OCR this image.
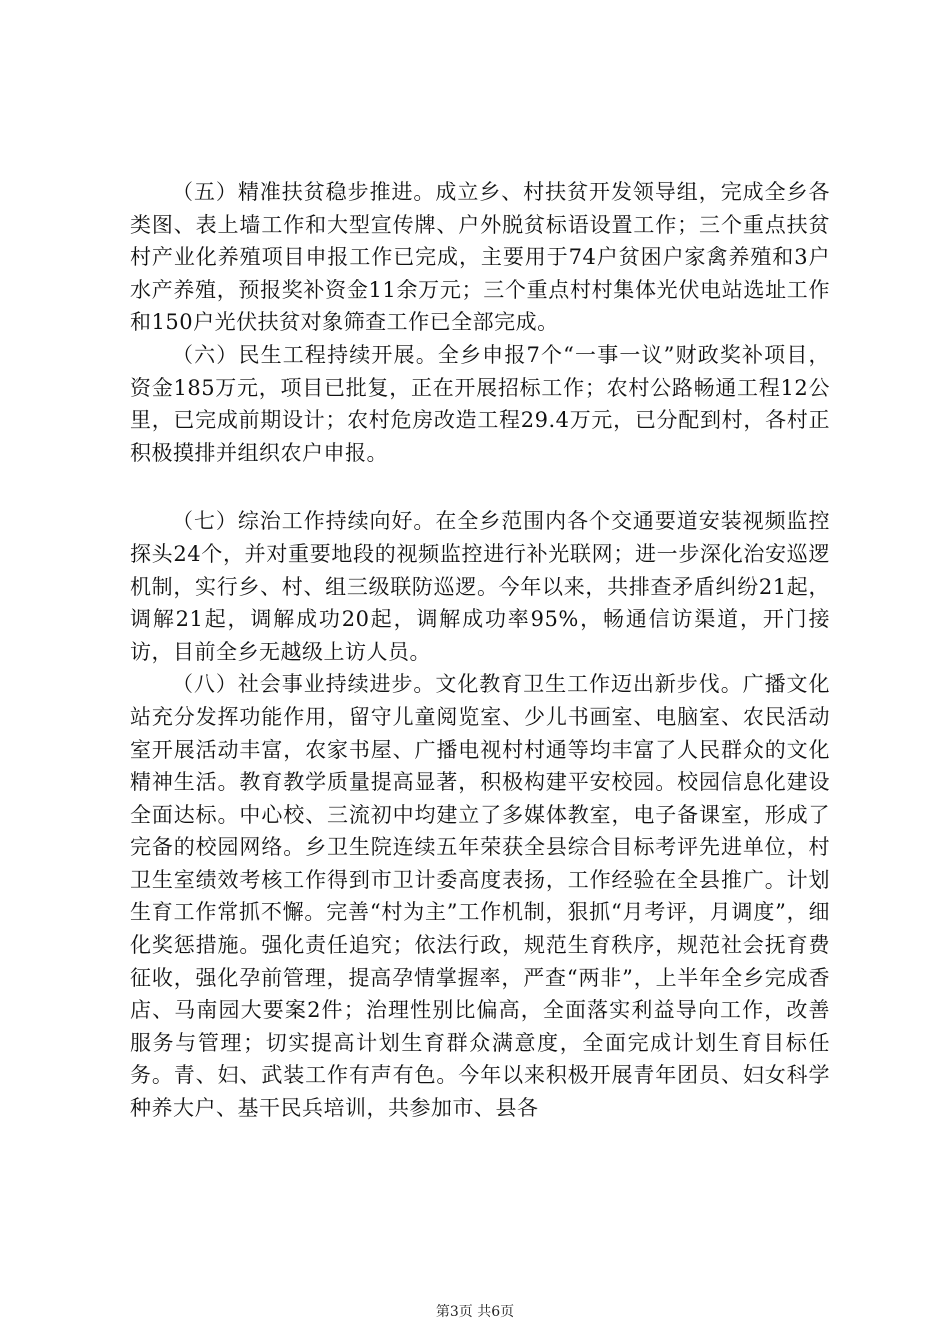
（五）精准扶贫稳步推进。成立乡、村扶贫开发领导组，完成全乡各类图、表上墙工作和大型宣传牌、户外脱贫标语设置工作；三个重点扶贫村产业化养殖项目申报工作已完成，主要用于74户贫困户家禽养殖和3户水产养殖，预报奖补资金11余万元；三个重点村村集体光伏电站选址工作和150户光伏扶贫对象筛查工作已全部完成。

（六）民生工程持续开展。全乡申报7个“一事一议”财政奖补项目，资金185万元，项目已批复，正在开展招标工作；农村公路畅通工程12公里，已完成前期设计；农村危房改造工程29.4万元，已分配到村，各村正积极摸排并组织农户申报。

（七）综治工作持续向好。在全乡范围内各个交通要道安装视频监控探头24个，并对重要地段的视频监控进行补光联网；进一步深化治安巡逻机制，实行乡、村、组三级联防巡逻。今年以来，共排查矛盾纠纷21起，调解21起，调解成功20起，调解成功率95%，畅通信访渠道，开门接访，目前全乡无越级上访人员。

（八）社会事业持续进步。文化教育卫生工作迈出新步伐。广播文化站充分发挥功能作用，留守儿童阅览室、少儿书画室、电脑室、农民活动室开展活动丰富，农家书屋、广播电视村村通等均丰富了人民群众的文化精神生活。教育教学质量提高显著，积极构建平安校园。校园信息化建设全面达标。中心校、三流初中均建立了多媒体教室，电子备课室，形成了完备的校园网络。乡卫生院连续五年荣获全县综合目标考评先进单位，村卫生室绩效考核工作得到市卫计委高度表扬，工作经验在全县推广。计划生育工作常抓不懈。完善“村为主”工作机制，狠抓“月考评，月调度”，细化奖惩措施。强化责任追究；依法行政，规范生育秩序，规范社会抚育费征收，强化孕前管理，提高孕情掌握率，严查“两非”，上半年全乡完成香店、马南园大要案2件；治理性别比偏高，全面落实利益导向工作，改善服务与管理；切实提高计划生育群众满意度，全面完成计划生育目标任务。青、妇、武装工作有声有色。今年以来积极开展青年团员、妇女科学种养大户、基干民兵培训，共参加市、县各

第3页 共6页
